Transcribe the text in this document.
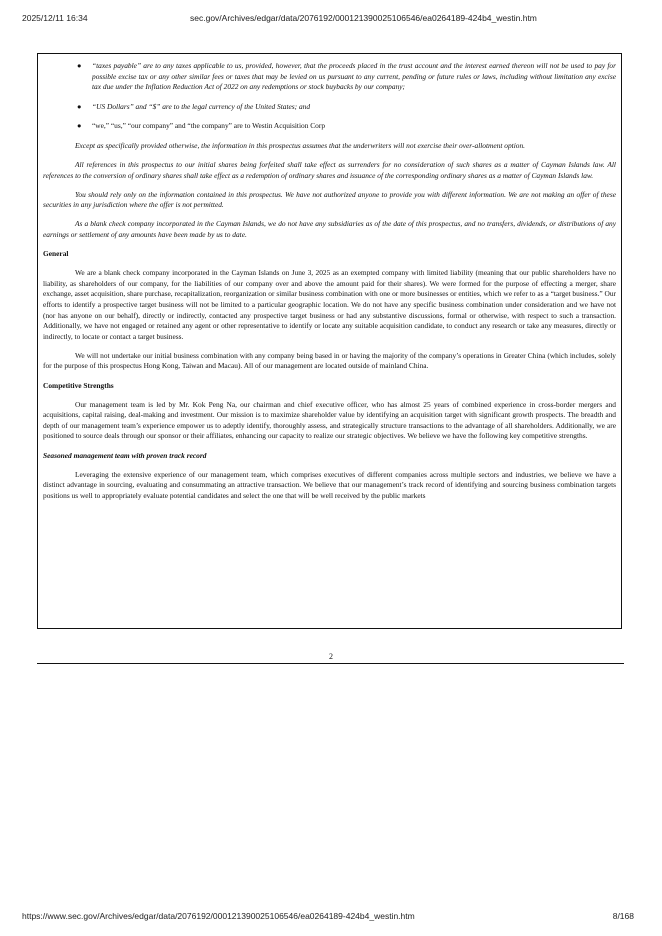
2025/12/11 16:34	sec.gov/Archives/edgar/data/2076192/000121390025106546/ea0264189-424b4_westin.htm
● “taxes payable” are to any taxes applicable to us, provided, however, that the proceeds placed in the trust account and the interest earned thereon will not be used to pay for possible excise tax or any other similar fees or taxes that may be levied on us pursuant to any current, pending or future rules or laws, including without limitation any excise tax due under the Inflation Reduction Act of 2022 on any redemptions or stock buybacks by our company;
● “US Dollars” and “$” are to the legal currency of the United States; and
● “we,” “us,” “our company” and “the company” are to Westin Acquisition Corp

Except as specifically provided otherwise, the information in this prospectus assumes that the underwriters will not exercise their over-allotment option.

All references in this prospectus to our initial shares being forfeited shall take effect as surrenders for no consideration of such shares as a matter of Cayman Islands law. All references to the conversion of ordinary shares shall take effect as a redemption of ordinary shares and issuance of the corresponding ordinary shares as a matter of Cayman Islands law.

You should rely only on the information contained in this prospectus. We have not authorized anyone to provide you with different information. We are not making an offer of these securities in any jurisdiction where the offer is not permitted.

As a blank check company incorporated in the Cayman Islands, we do not have any subsidiaries as of the date of this prospectus, and no transfers, dividends, or distributions of any earnings or settlement of any amounts have been made by us to date.

General

We are a blank check company incorporated in the Cayman Islands on June 3, 2025 as an exempted company with limited liability (meaning that our public shareholders have no liability, as shareholders of our company, for the liabilities of our company over and above the amount paid for their shares). We were formed for the purpose of effecting a merger, share exchange, asset acquisition, share purchase, recapitalization, reorganization or similar business combination with one or more businesses or entities, which we refer to as a “target business.” Our efforts to identify a prospective target business will not be limited to a particular geographic location. We do not have any specific business combination under consideration and we have not (nor has anyone on our behalf), directly or indirectly, contacted any prospective target business or had any substantive discussions, formal or otherwise, with respect to such a transaction. Additionally, we have not engaged or retained any agent or other representative to identify or locate any suitable acquisition candidate, to conduct any research or take any measures, directly or indirectly, to locate or contact a target business.

We will not undertake our initial business combination with any company being based in or having the majority of the company’s operations in Greater China (which includes, solely for the purpose of this prospectus Hong Kong, Taiwan and Macau). All of our management are located outside of mainland China.

Competitive Strengths

Our management team is led by Mr. Kok Peng Na, our chairman and chief executive officer, who has almost 25 years of combined experience in cross-border mergers and acquisitions, capital raising, deal-making and investment. Our mission is to maximize shareholder value by identifying an acquisition target with significant growth prospects. The breadth and depth of our management team’s experience empower us to adeptly identify, thoroughly assess, and strategically structure transactions to the advantage of all shareholders. Additionally, we are positioned to source deals through our sponsor or their affiliates, enhancing our capacity to realize our strategic objectives. We believe we have the following key competitive strengths.

Seasoned management team with proven track record

Leveraging the extensive experience of our management team, which comprises executives of different companies across multiple sectors and industries, we believe we have a distinct advantage in sourcing, evaluating and consummating an attractive transaction. We believe that our management’s track record of identifying and sourcing business combination targets positions us well to appropriately evaluate potential candidates and select the one that will be well received by the public markets

2
https://www.sec.gov/Archives/edgar/data/2076192/000121390025106546/ea0264189-424b4_westin.htm	8/168
